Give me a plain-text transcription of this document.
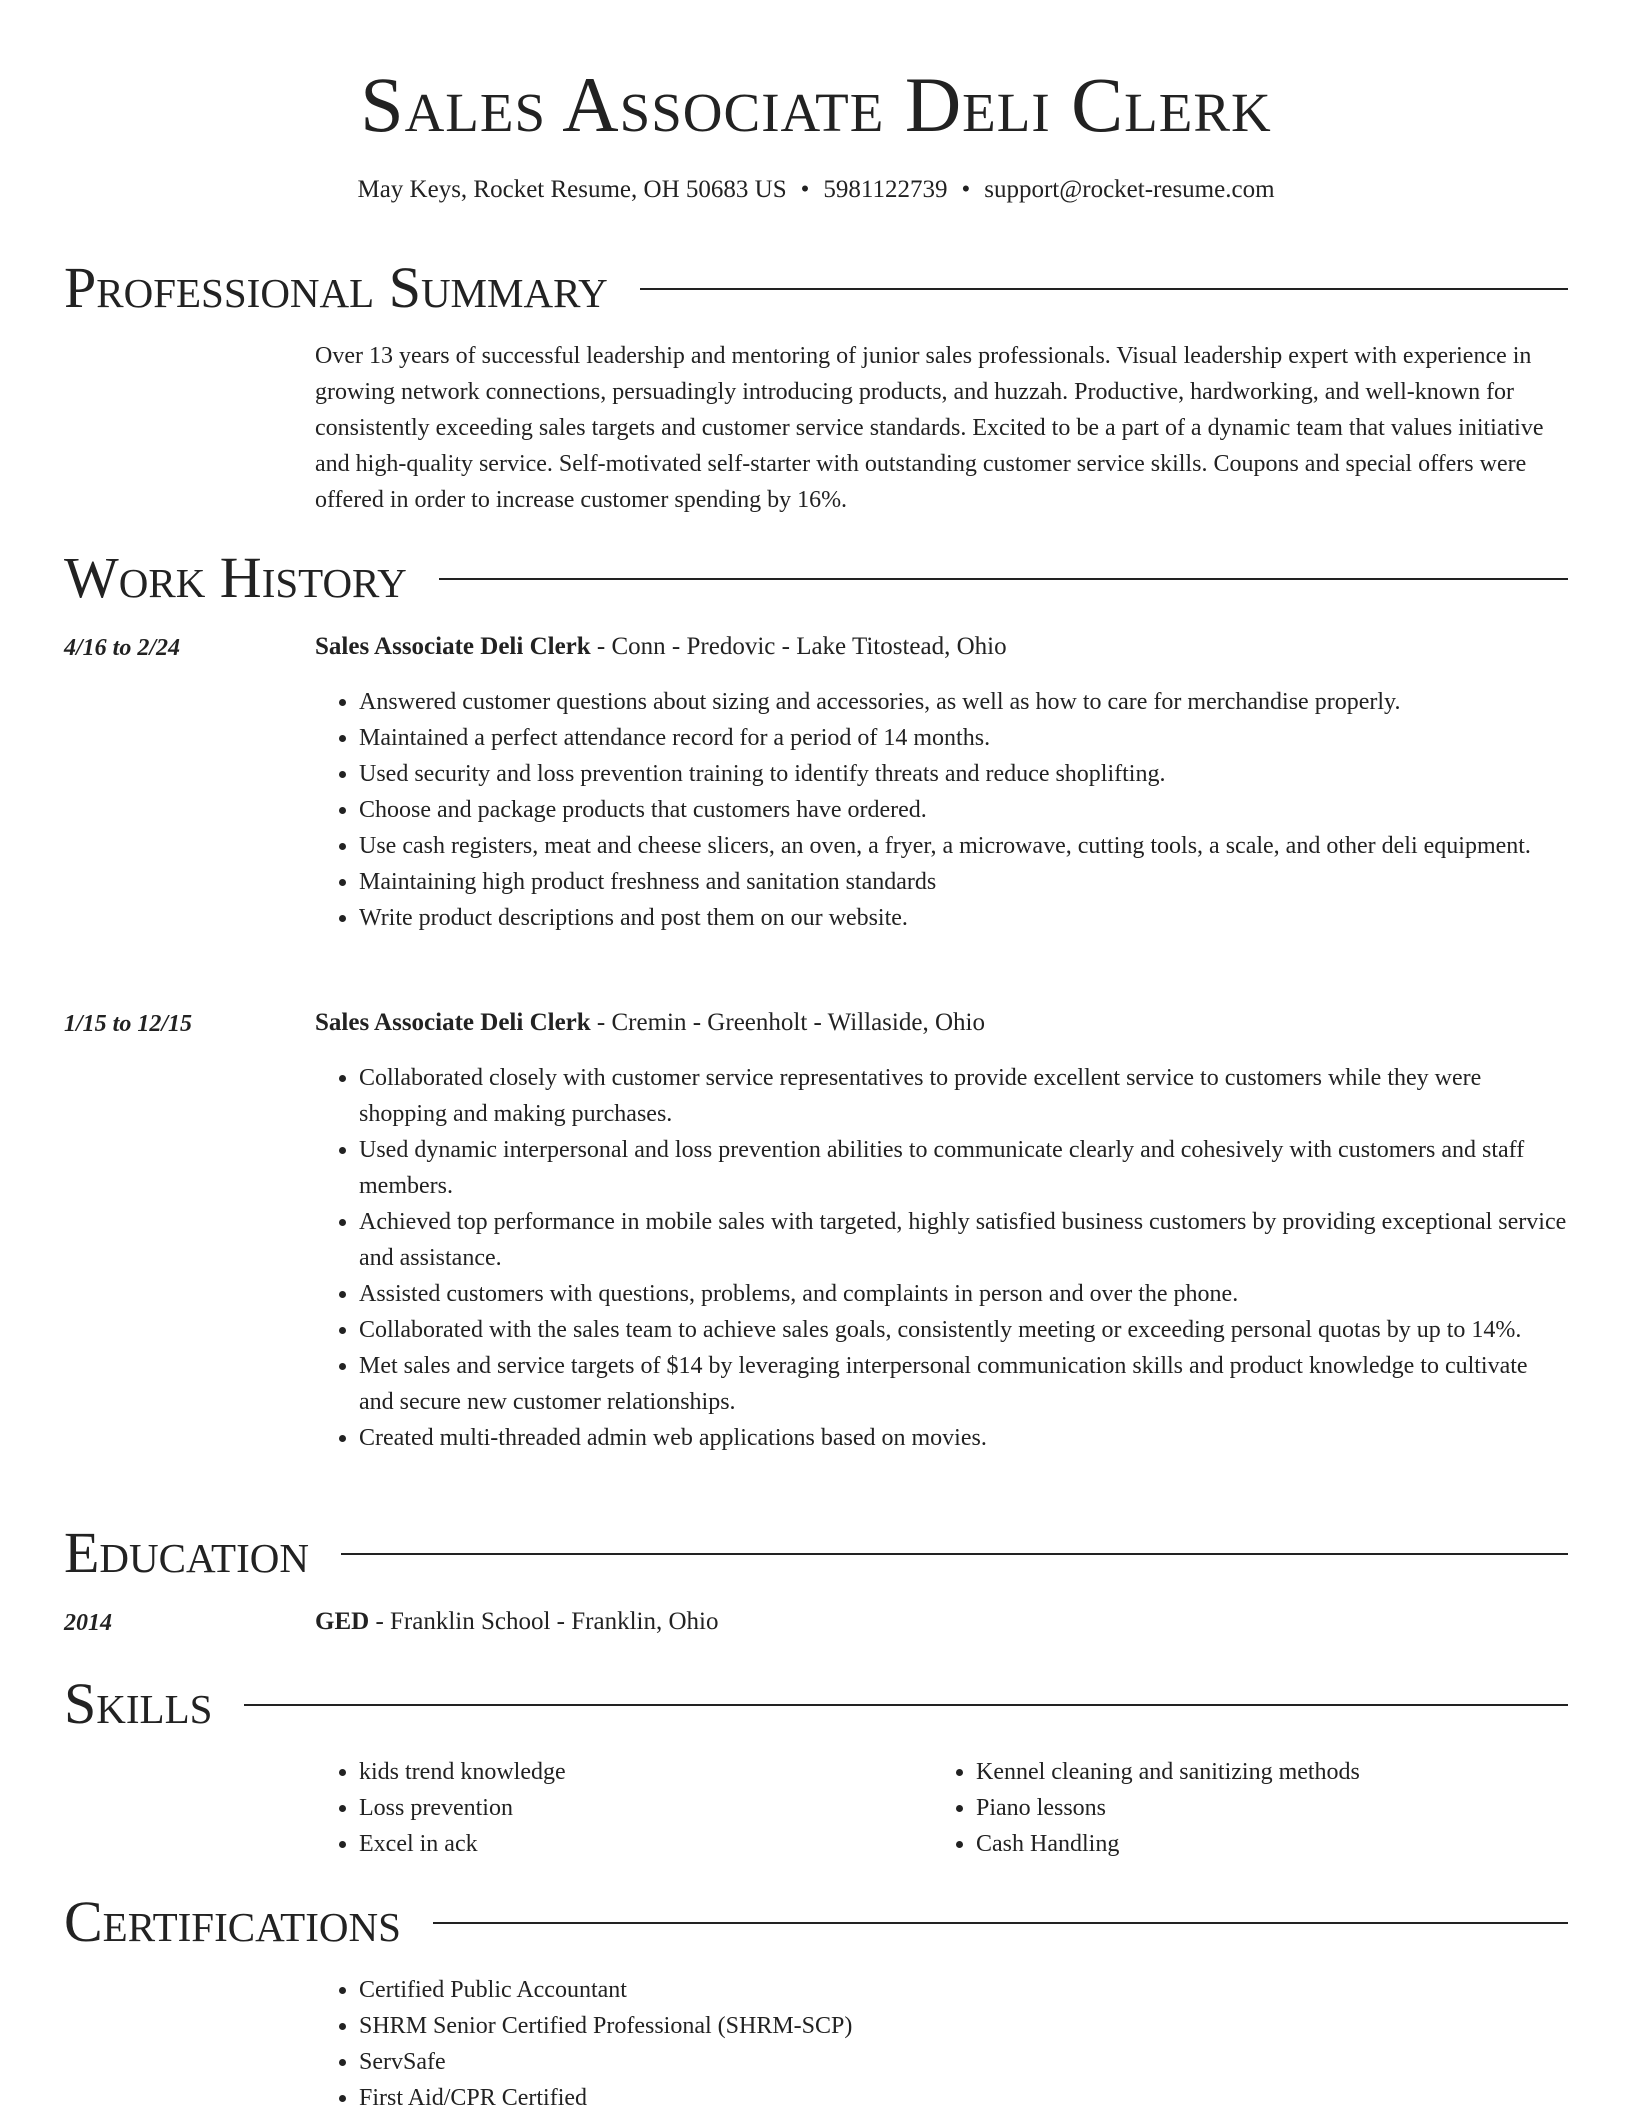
Sales Associate Deli Clerk
May Keys, Rocket Resume, OH 50683 US • 5981122739 • support@rocket-resume.com
Professional Summary
Over 13 years of successful leadership and mentoring of junior sales professionals. Visual leadership expert with experience in growing network connections, persuadingly introducing products, and huzzah. Productive, hardworking, and well-known for consistently exceeding sales targets and customer service standards. Excited to be a part of a dynamic team that values initiative and high-quality service. Self-motivated self-starter with outstanding customer service skills. Coupons and special offers were offered in order to increase customer spending by 16%.
Work History
4/16 to 2/24	Sales Associate Deli Clerk - Conn - Predovic - Lake Titostead, Ohio
• Answered customer questions about sizing and accessories, as well as how to care for merchandise properly.
• Maintained a perfect attendance record for a period of 14 months.
• Used security and loss prevention training to identify threats and reduce shoplifting.
• Choose and package products that customers have ordered.
• Use cash registers, meat and cheese slicers, an oven, a fryer, a microwave, cutting tools, a scale, and other deli equipment.
• Maintaining high product freshness and sanitation standards
• Write product descriptions and post them on our website.
1/15 to 12/15	Sales Associate Deli Clerk - Cremin - Greenholt - Willaside, Ohio
• Collaborated closely with customer service representatives to provide excellent service to customers while they were shopping and making purchases.
• Used dynamic interpersonal and loss prevention abilities to communicate clearly and cohesively with customers and staff members.
• Achieved top performance in mobile sales with targeted, highly satisfied business customers by providing exceptional service and assistance.
• Assisted customers with questions, problems, and complaints in person and over the phone.
• Collaborated with the sales team to achieve sales goals, consistently meeting or exceeding personal quotas by up to 14%.
• Met sales and service targets of $14 by leveraging interpersonal communication skills and product knowledge to cultivate and secure new customer relationships.
• Created multi-threaded admin web applications based on movies.
Education
2014	GED - Franklin School - Franklin, Ohio
Skills
• kids trend knowledge
• Loss prevention
• Excel in ack
• Kennel cleaning and sanitizing methods
• Piano lessons
• Cash Handling
Certifications
• Certified Public Accountant
• SHRM Senior Certified Professional (SHRM-SCP)
• ServSafe
• First Aid/CPR Certified
